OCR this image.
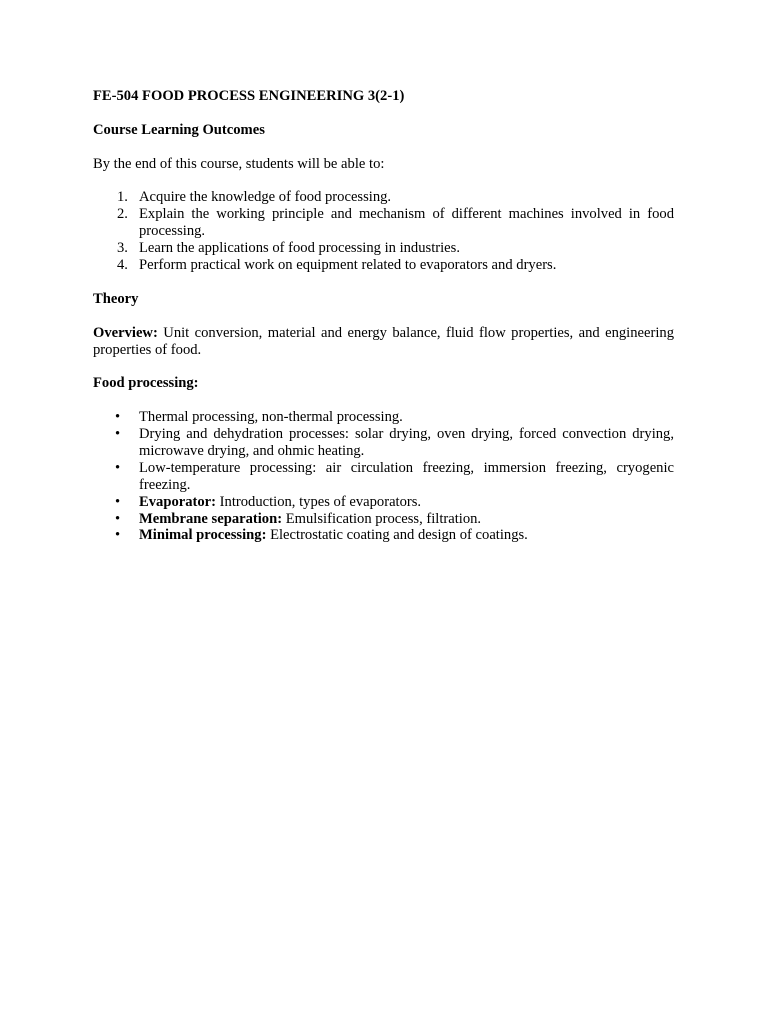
FE-504 FOOD PROCESS ENGINEERING 3(2-1)

Course Learning Outcomes

By the end of this course, students will be able to:

1. Acquire the knowledge of food processing.
2. Explain the working principle and mechanism of different machines involved in food processing.
3. Learn the applications of food processing in industries.
4. Perform practical work on equipment related to evaporators and dryers.

Theory

Overview: Unit conversion, material and energy balance, fluid flow properties, and engineering properties of food.

Food processing:

• Thermal processing, non-thermal processing.
• Drying and dehydration processes: solar drying, oven drying, forced convection drying, microwave drying, and ohmic heating.
• Low-temperature processing: air circulation freezing, immersion freezing, cryogenic freezing.
• Evaporator: Introduction, types of evaporators.
• Membrane separation: Emulsification process, filtration.
• Minimal processing: Electrostatic coating and design of coatings.
